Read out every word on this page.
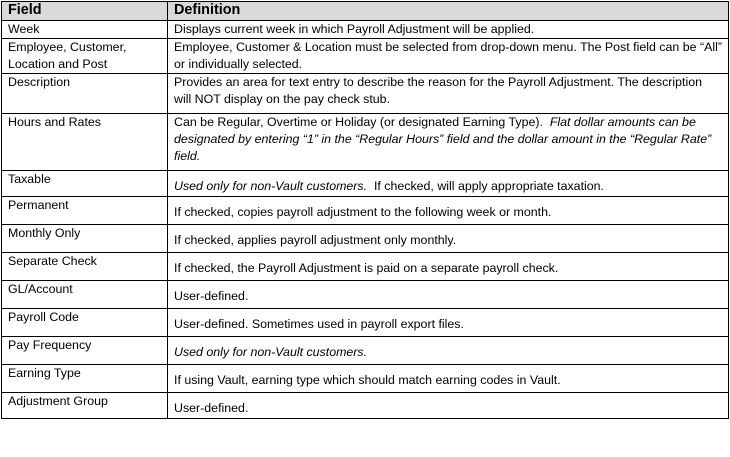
Field	Definition
Week	Displays current week in which Payroll Adjustment will be applied.
Employee, Customer, Location and Post	Employee, Customer & Location must be selected from drop-down menu. The Post field can be “All” or individually selected.
Description	Provides an area for text entry to describe the reason for the Payroll Adjustment. The description will NOT display on the pay check stub.
Hours and Rates	Can be Regular, Overtime or Holiday (or designated Earning Type). Flat dollar amounts can be designated by entering “1” in the “Regular Hours” field and the dollar amount in the “Regular Rate” field.
Taxable	Used only for non-Vault customers. If checked, will apply appropriate taxation.
Permanent	If checked, copies payroll adjustment to the following week or month.
Monthly Only	If checked, applies payroll adjustment only monthly.
Separate Check	If checked, the Payroll Adjustment is paid on a separate payroll check.
GL/Account	User-defined.
Payroll Code	User-defined. Sometimes used in payroll export files.
Pay Frequency	Used only for non-Vault customers.
Earning Type	If using Vault, earning type which should match earning codes in Vault.
Adjustment Group	User-defined.
